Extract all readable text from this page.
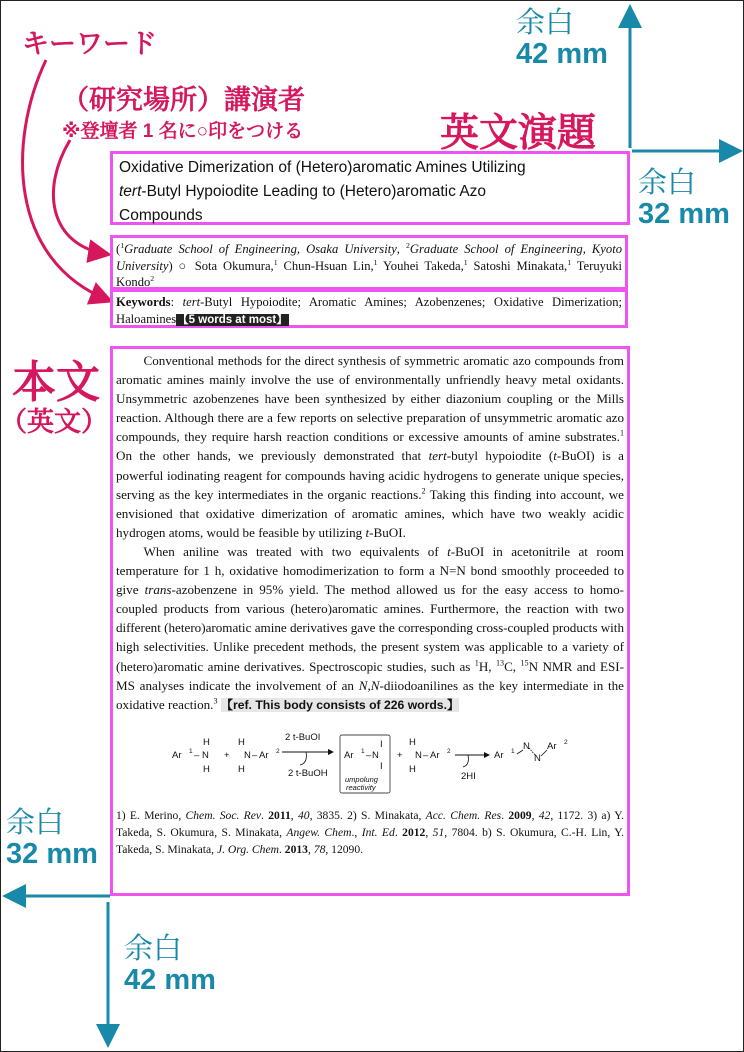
キーワード
（研究場所）講演者
※登壇者 1 名に○印をつける	英文演題
本文
（英文）
余白
42 mm
余白
32 mm
余白
32 mm
余白
42 mm
Oxidative Dimerization of (Hetero)aromatic Amines Utilizing
tert-Butyl Hypoiodite Leading to (Hetero)aromatic Azo
Compounds
($^1$Graduate School of Engineering, Osaka University, $^2$Graduate School of Engineering, Kyoto University) ○ Sota Okumura,$^1$ Chun-Hsuan Lin,$^1$ Youhei Takeda,$^1$ Satoshi Minakata,$^1$ Teruyuki Kondo$^2$
Keywords: tert-Butyl Hypoiodite; Aromatic Amines; Azobenzenes; Oxidative Dimerization; Haloamines【5 words at most】

Conventional methods for the direct synthesis of symmetric aromatic azo compounds from aromatic amines mainly involve the use of environmentally unfriendly heavy metal oxidants. Unsymmetric azobenzenes have been synthesized by either diazonium coupling or the Mills reaction. Although there are a few reports on selective preparation of unsymmetric aromatic azo compounds, they require harsh reaction conditions or excessive amounts of amine substrates.$^1$ On the other hands, we previously demonstrated that tert-butyl hypoiodite (t-BuOI) is a powerful iodinating reagent for compounds having acidic hydrogens to generate unique species, serving as the key intermediates in the organic reactions.$^2$ Taking this finding into account, we envisioned that oxidative dimerization of aromatic amines, which have two weakly acidic hydrogen atoms, would be feasible by utilizing t-BuOI.

When aniline was treated with two equivalents of t-BuOI in acetonitrile at room temperature for 1 h, oxidative homodimerization to form a N=N bond smoothly proceeded to give trans-azobenzene in 95% yield. The method allowed us for the easy access to homo-coupled products from various (hetero)aromatic amines. Furthermore, the reaction with two different (hetero)aromatic amine derivatives gave the corresponding cross-coupled products with high selectivities. Unlike precedent methods, the present system was applicable to a variety of (hetero)aromatic amine derivatives. Spectroscopic studies, such as $^1$H, $^{13}$C, $^{15}$N NMR and ESI-MS analyses indicate the involvement of an N,N-diiodoanilines as the key intermediate in the oxidative reaction.$^3$ 【ref. This body consists of 226 words.】

Ar 1 – N
H
H
+
H
H
N – Ar 2
2 t-BuOI
2 t-BuOH
Ar 1 – N
I
I
umpolung
reactivity
+
H
H
N – Ar 2
2HI
Ar 1 N
N
Ar 2
1) E. Merino, Chem. Soc. Rev. 2011, 40, 3835. 2) S. Minakata, Acc. Chem. Res. 2009, 42, 1172. 3) a) Y. Takeda, S. Okumura, S. Minakata, Angew. Chem., Int. Ed. 2012, 51, 7804. b) S. Okumura, C.-H. Lin, Y. Takeda, S. Minakata, J. Org. Chem. 2013, 78, 12090.
